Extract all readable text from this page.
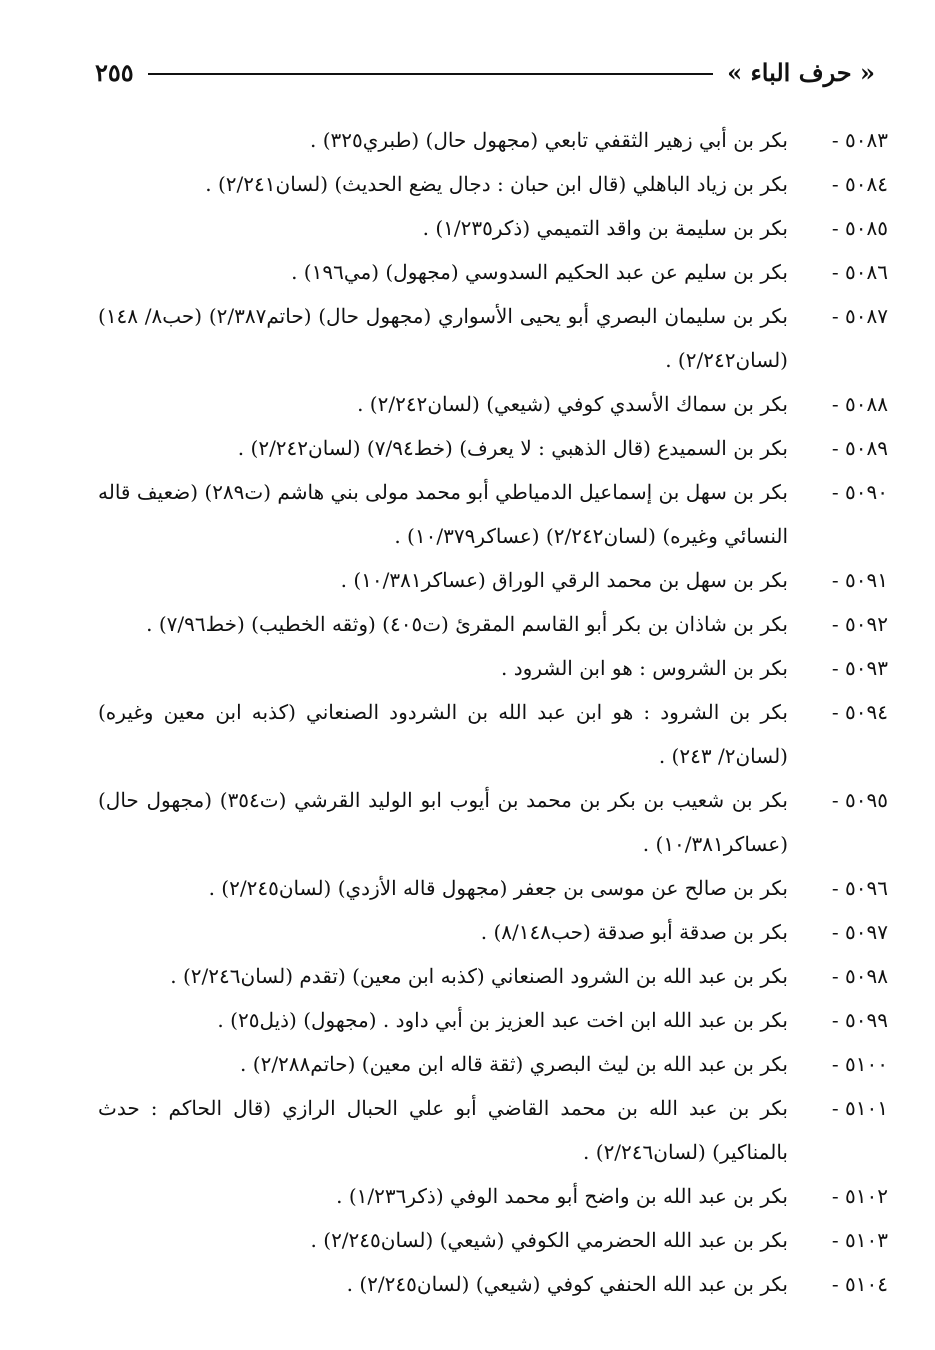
« حرف الباء »
٢٥٥
٥٠٨٣ -
بكر بن أبي زهير الثقفي تابعي (مجهول حال) (طبري٣٢٥) .
٥٠٨٤ -
بكر بن زياد الباهلي (قال ابن حبان : دجال يضع الحديث) (لسان٢/٢٤١) .
٥٠٨٥ -
بكر بن سليمة بن واقد التميمي (ذكر١/٢٣٥) .
٥٠٨٦ -
بكر بن سليم عن عبد الحكيم السدوسي (مجهول) (مي١٩٦) .
٥٠٨٧ -
بكر بن سليمان البصري أبو يحيى الأسواري (مجهول حال) (حاتم٢/٣٨٧) (حب٨/ ١٤٨) (لسان٢/٢٤٢) .
٥٠٨٨ -
بكر بن سماك الأسدي كوفي (شيعي) (لسان٢/٢٤٢) .
٥٠٨٩ -
بكر بن السميدع (قال الذهبي : لا يعرف) (خط٧/٩٤) (لسان٢/٢٤٢) .
٥٠٩٠ -
بكر بن سهل بن إسماعيل الدمياطي أبو محمد مولى بني هاشم (ت٢٨٩) (ضعيف قاله النسائي وغيره) (لسان٢/٢٤٢) (عساكر١٠/٣٧٩) .
٥٠٩١ -
بكر بن سهل بن محمد الرقي الوراق (عساكر١٠/٣٨١) .
٥٠٩٢ -
بكر بن شاذان بن بكر أبو القاسم المقرئ (ت٤٠٥) (وثقه الخطيب) (خط٧/٩٦) .
٥٠٩٣ -
بكر بن الشروس : هو ابن الشرود .
٥٠٩٤ -
بكر بن الشرود : هو ابن عبد الله بن الشردود الصنعاني (كذبه ابن معين وغيره) (لسان٢/ ٢٤٣) .
٥٠٩٥ -
بكر بن شعيب بن بكر بن محمد بن أيوب ابو الوليد القرشي (ت٣٥٤) (مجهول حال) (عساكر١٠/٣٨١) .
٥٠٩٦ -
بكر بن صالح عن موسى بن جعفر (مجهول قاله الأزدي) (لسان٢/٢٤٥) .
٥٠٩٧ -
بكر بن صدقة أبو صدقة (حب٨/١٤٨) .
٥٠٩٨ -
بكر بن عبد الله بن الشرود الصنعاني (كذبه ابن معين) (تقدم (لسان٢/٢٤٦) .
٥٠٩٩ -
بكر بن عبد الله ابن اخت عبد العزيز بن أبي داود . (مجهول) (ذيل٢٥) .
٥١٠٠ -
بكر بن عبد الله بن ليث البصري (ثقة قاله ابن معين) (حاتم٢/٢٨٨) .
٥١٠١ -
بكر بن عبد الله بن محمد القاضي أبو علي الحبال الرازي (قال الحاكم : حدث بالمناكير) (لسان٢/٢٤٦) .
٥١٠٢ -
بكر بن عبد الله بن واضح أبو محمد الوفي (ذكر١/٢٣٦) .
٥١٠٣ -
بكر بن عبد الله الحضرمي الكوفي (شيعي) (لسان٢/٢٤٥) .
٥١٠٤ -
بكر بن عبد الله الحنفي كوفي (شيعي) (لسان٢/٢٤٥) .
